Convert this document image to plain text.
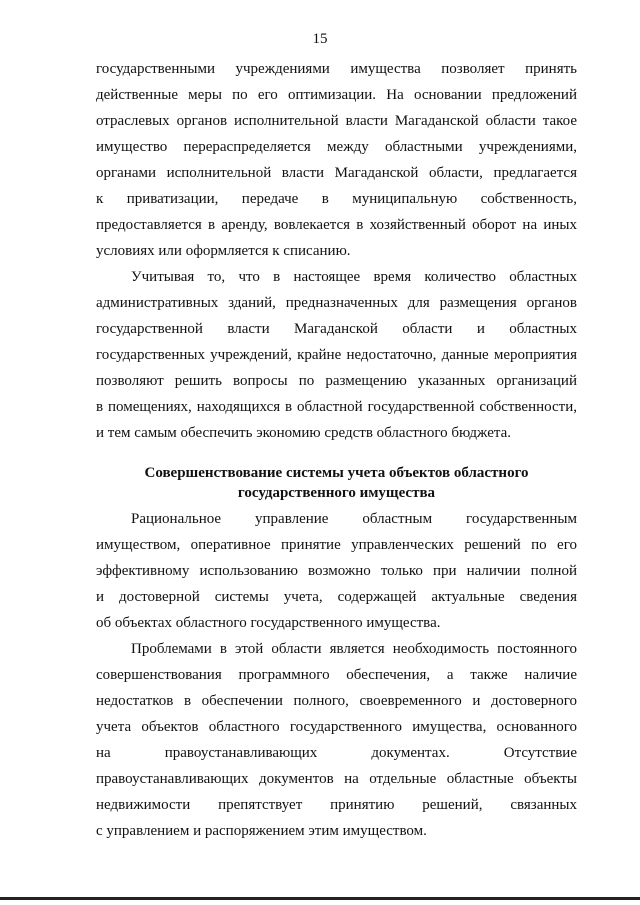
15
государственными учреждениями имущества позволяет принять
действенные меры по его оптимизации. На основании предложений
отраслевых органов исполнительной власти Магаданской области такое
имущество перераспределяется между областными учреждениями,
органами исполнительной власти Магаданской области, предлагается
к приватизации, передаче в муниципальную собственность,
предоставляется в аренду, вовлекается в хозяйственный оборот на иных
условиях или оформляется к списанию.
Учитывая то, что в настоящее время количество областных
административных зданий, предназначенных для размещения органов
государственной власти Магаданской области и областных
государственных учреждений, крайне недостаточно, данные мероприятия
позволяют решить вопросы по размещению указанных организаций
в помещениях, находящихся в областной государственной собственности,
и тем самым обеспечить экономию средств областного бюджета.
Совершенствование системы учета объектов областного
государственного имущества
Рациональное управление областным государственным
имуществом, оперативное принятие управленческих решений по его
эффективному использованию возможно только при наличии полной
и достоверной системы учета, содержащей актуальные сведения
об объектах областного государственного имущества.
Проблемами в этой области является необходимость постоянного
совершенствования программного обеспечения, а также наличие
недостатков в обеспечении полного, своевременного и достоверного
учета объектов областного государственного имущества, основанного
на правоустанавливающих документах. Отсутствие
правоустанавливающих документов на отдельные областные объекты
недвижимости препятствует принятию решений, связанных
с управлением и распоряжением этим имуществом.
